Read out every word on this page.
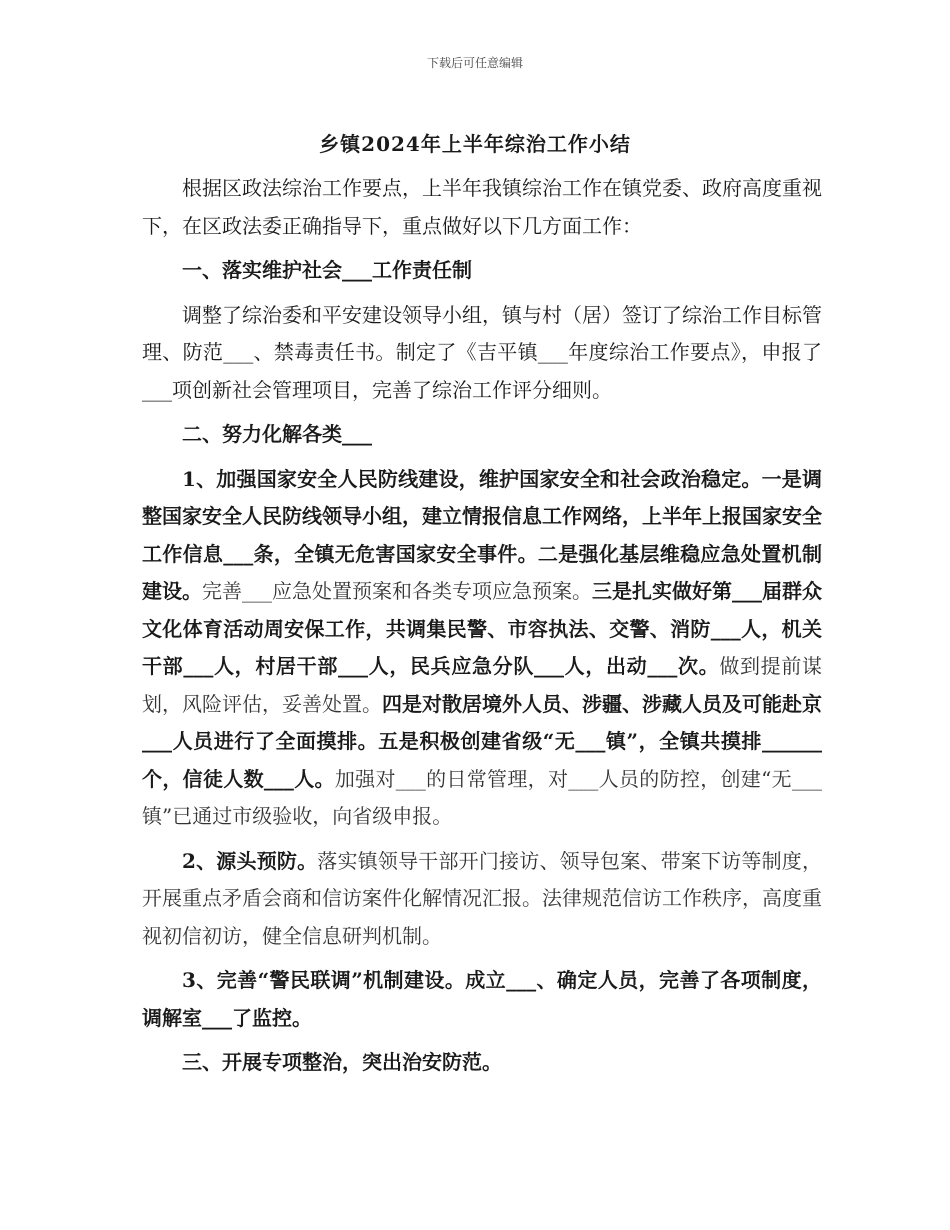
下载后可任意编辑
乡镇2024年上半年综治工作小结

根据区政法综治工作要点，上半年我镇综治工作在镇党委、政府高度重视下，在区政法委正确指导下，重点做好以下几方面工作：

一、落实维护社会___工作责任制

调整了综治委和平安建设领导小组，镇与村（居）签订了综治工作目标管理、防范___、禁毒责任书。制定了《吉平镇___年度综治工作要点》，申报了___项创新社会管理项目，完善了综治工作评分细则。

二、努力化解各类___

1、加强国家安全人民防线建设，维护国家安全和社会政治稳定。一是调整国家安全人民防线领导小组，建立情报信息工作网络，上半年上报国家安全工作信息___条，全镇无危害国家安全事件。二是强化基层维稳应急处置机制建设。完善___应急处置预案和各类专项应急预案。三是扎实做好第___届群众文化体育活动周安保工作，共调集民警、市容执法、交警、消防___人，机关干部___人，村居干部___人，民兵应急分队___人，出动___次。做到提前谋划，风险评估，妥善处置。四是对散居境外人员、涉疆、涉藏人员及可能赴京___人员进行了全面摸排。五是积极创建省级“无___镇”，全镇共摸排______个，信徒人数___人。加强对___的日常管理，对___人员的防控，创建“无___镇”已通过市级验收，向省级申报。

2、源头预防。落实镇领导干部开门接访、领导包案、带案下访等制度，开展重点矛盾会商和信访案件化解情况汇报。法律规范信访工作秩序，高度重视初信初访，健全信息研判机制。

3、完善“警民联调”机制建设。成立___、确定人员，完善了各项制度，调解室___了监控。

三、开展专项整治，突出治安防范。
